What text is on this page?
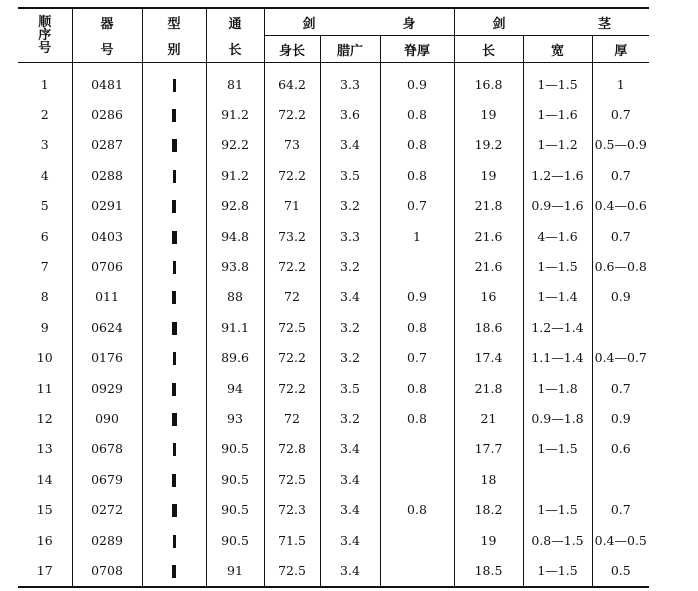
顺
序
号	器	型	通	剑 身			剑 茎		

	号	别	长	身长	腊广	脊厚	长	宽	厚
1	0481		81	64.2	3.3	0.9	16.8	1—1.5	1
2	0286		91.2	72.2	3.6	0.8	19	1—1.6	0.7
3	0287		92.2	73	3.4	0.8	19.2	1—1.2	0.5—0.9
4	0288		91.2	72.2	3.5	0.8	19	1.2—1.6	0.7
5	0291		92.8	71	3.2	0.7	21.8	0.9—1.6	0.4—0.6
6	0403		94.8	73.2	3.3	1	21.6	4—1.6	0.7
7	0706		93.8	72.2	3.2		21.6	1—1.5	0.6—0.8
8	011		88	72	3.4	0.9	16	1—1.4	0.9
9	0624		91.1	72.5	3.2	0.8	18.6	1.2—1.4	
10	0176		89.6	72.2	3.2	0.7	17.4	1.1—1.4	0.4—0.7
11	0929		94	72.2	3.5	0.8	21.8	1—1.8	0.7
12	090		93	72	3.2	0.8	21	0.9—1.8	0.9
13	0678		90.5	72.8	3.4		17.7	1—1.5	0.6
14	0679		90.5	72.5	3.4		18		
15	0272		90.5	72.3	3.4	0.8	18.2	1—1.5	0.7
16	0289		90.5	71.5	3.4		19	0.8—1.5	0.4—0.5
17	0708		91	72.5	3.4		18.5	1—1.5	0.5
